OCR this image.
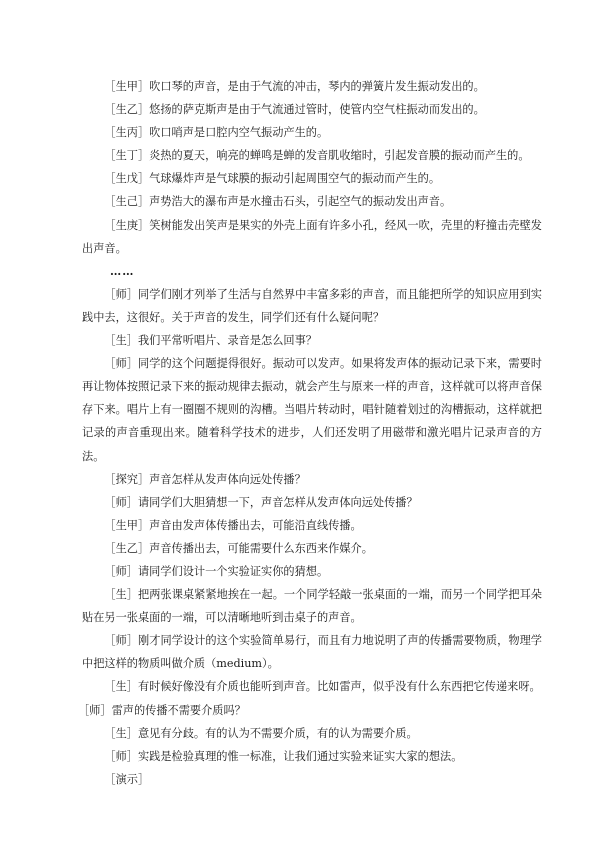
［生甲］吹口琴的声音，是由于气流的冲击，琴内的弹簧片发生振动发出的。

［生乙］悠扬的萨克斯声是由于气流通过管时，使管内空气柱振动而发出的。

［生丙］吹口哨声是口腔内空气振动产生的。

［生丁］炎热的夏天，响亮的蝉鸣是蝉的发音肌收缩时，引起发音膜的振动而产生的。

［生戊］气球爆炸声是气球膜的振动引起周围空气的振动而产生的。

［生己］声势浩大的瀑布声是水撞击石头，引起空气的振动发出声音。

［生庚］笑树能发出笑声是果实的外壳上面有许多小孔，经风一吹，壳里的籽撞击壳壁发出声音。

……

［师］同学们刚才列举了生活与自然界中丰富多彩的声音，而且能把所学的知识应用到实践中去，这很好。关于声音的发生，同学们还有什么疑问呢？

［生］我们平常听唱片、录音是怎么回事？

［师］同学的这个问题提得很好。振动可以发声。如果将发声体的振动记录下来，需要时再让物体按照记录下来的振动规律去振动，就会产生与原来一样的声音，这样就可以将声音保存下来。唱片上有一圈圈不规则的沟槽。当唱片转动时，唱针随着划过的沟槽振动，这样就把记录的声音重现出来。随着科学技术的进步，人们还发明了用磁带和激光唱片记录声音的方法。

［探究］声音怎样从发声体向远处传播？

［师］请同学们大胆猜想一下，声音怎样从发声体向远处传播？

［生甲］声音由发声体传播出去，可能沿直线传播。

［生乙］声音传播出去，可能需要什么东西来作媒介。

［师］请同学们设计一个实验证实你的猜想。

［生］把两张课桌紧紧地挨在一起。一个同学轻敲一张桌面的一端，而另一个同学把耳朵贴在另一张桌面的一端，可以清晰地听到击桌子的声音。

［师］刚才同学设计的这个实验简单易行，而且有力地说明了声的传播需要物质，物理学中把这样的物质叫做介质（medium）。

［生］有时候好像没有介质也能听到声音。比如雷声，似乎没有什么东西把它传递来呀。

［师］雷声的传播不需要介质吗？

［生］意见有分歧。有的认为不需要介质，有的认为需要介质。

［师］实践是检验真理的惟一标准，让我们通过实验来证实大家的想法。

［演示］
